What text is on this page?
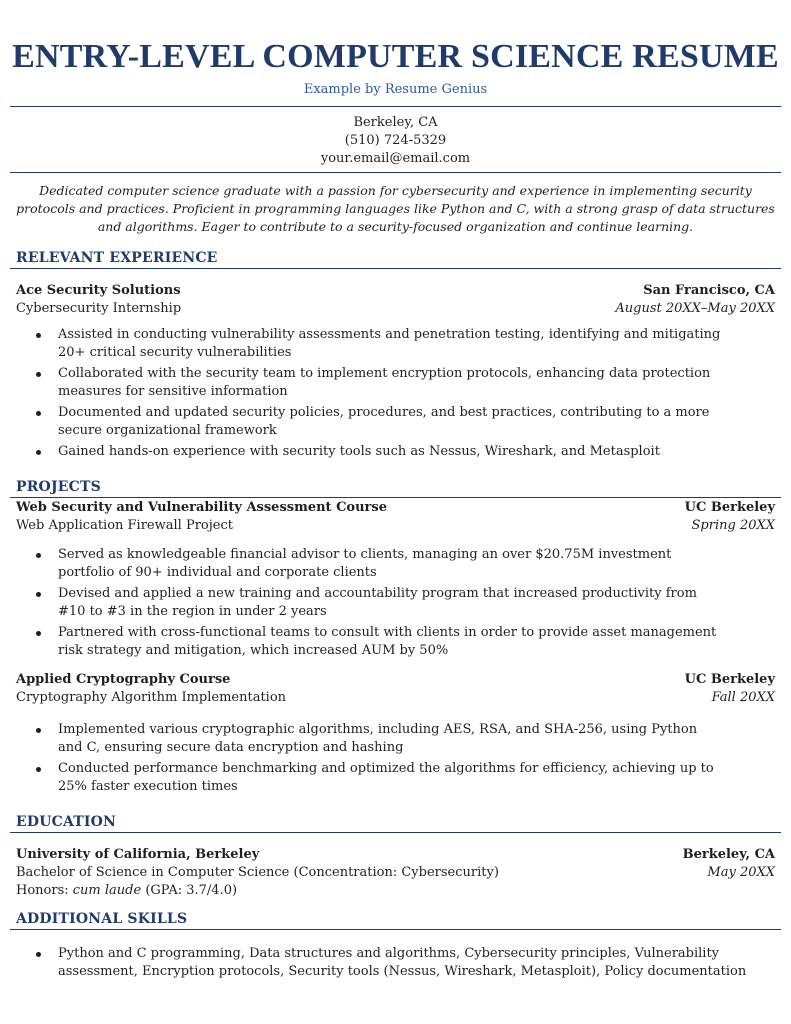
ENTRY-LEVEL COMPUTER SCIENCE RESUME
Example by Resume Genius
Berkeley, CA
(510) 724-5329
your.email@email.com
Dedicated computer science graduate with a passion for cybersecurity and experience in implementing security protocols and practices. Proficient in programming languages like Python and C, with a strong grasp of data structures and algorithms. Eager to contribute to a security-focused organization and continue learning.
RELEVANT EXPERIENCE
Ace Security Solutions	San Francisco, CA
Cybersecurity Internship	August 20XX–May 20XX
Assisted in conducting vulnerability assessments and penetration testing, identifying and mitigating 20+ critical security vulnerabilities
Collaborated with the security team to implement encryption protocols, enhancing data protection measures for sensitive information
Documented and updated security policies, procedures, and best practices, contributing to a more secure organizational framework
Gained hands-on experience with security tools such as Nessus, Wireshark, and Metasploit
PROJECTS
Web Security and Vulnerability Assessment Course	UC Berkeley
Web Application Firewall Project	Spring 20XX
Served as knowledgeable financial advisor to clients, managing an over $20.75M investment portfolio of 90+ individual and corporate clients
Devised and applied a new training and accountability program that increased productivity from #10 to #3 in the region in under 2 years
Partnered with cross-functional teams to consult with clients in order to provide asset management risk strategy and mitigation, which increased AUM by 50%
Applied Cryptography Course	UC Berkeley
Cryptography Algorithm Implementation	Fall 20XX
Implemented various cryptographic algorithms, including AES, RSA, and SHA-256, using Python and C, ensuring secure data encryption and hashing
Conducted performance benchmarking and optimized the algorithms for efficiency, achieving up to 25% faster execution times
EDUCATION
University of California, Berkeley	Berkeley, CA
Bachelor of Science in Computer Science (Concentration: Cybersecurity)	May 20XX
Honors: cum laude (GPA: 3.7/4.0)
ADDITIONAL SKILLS
Python and C programming, Data structures and algorithms, Cybersecurity principles, Vulnerability assessment, Encryption protocols, Security tools (Nessus, Wireshark, Metasploit), Policy documentation
